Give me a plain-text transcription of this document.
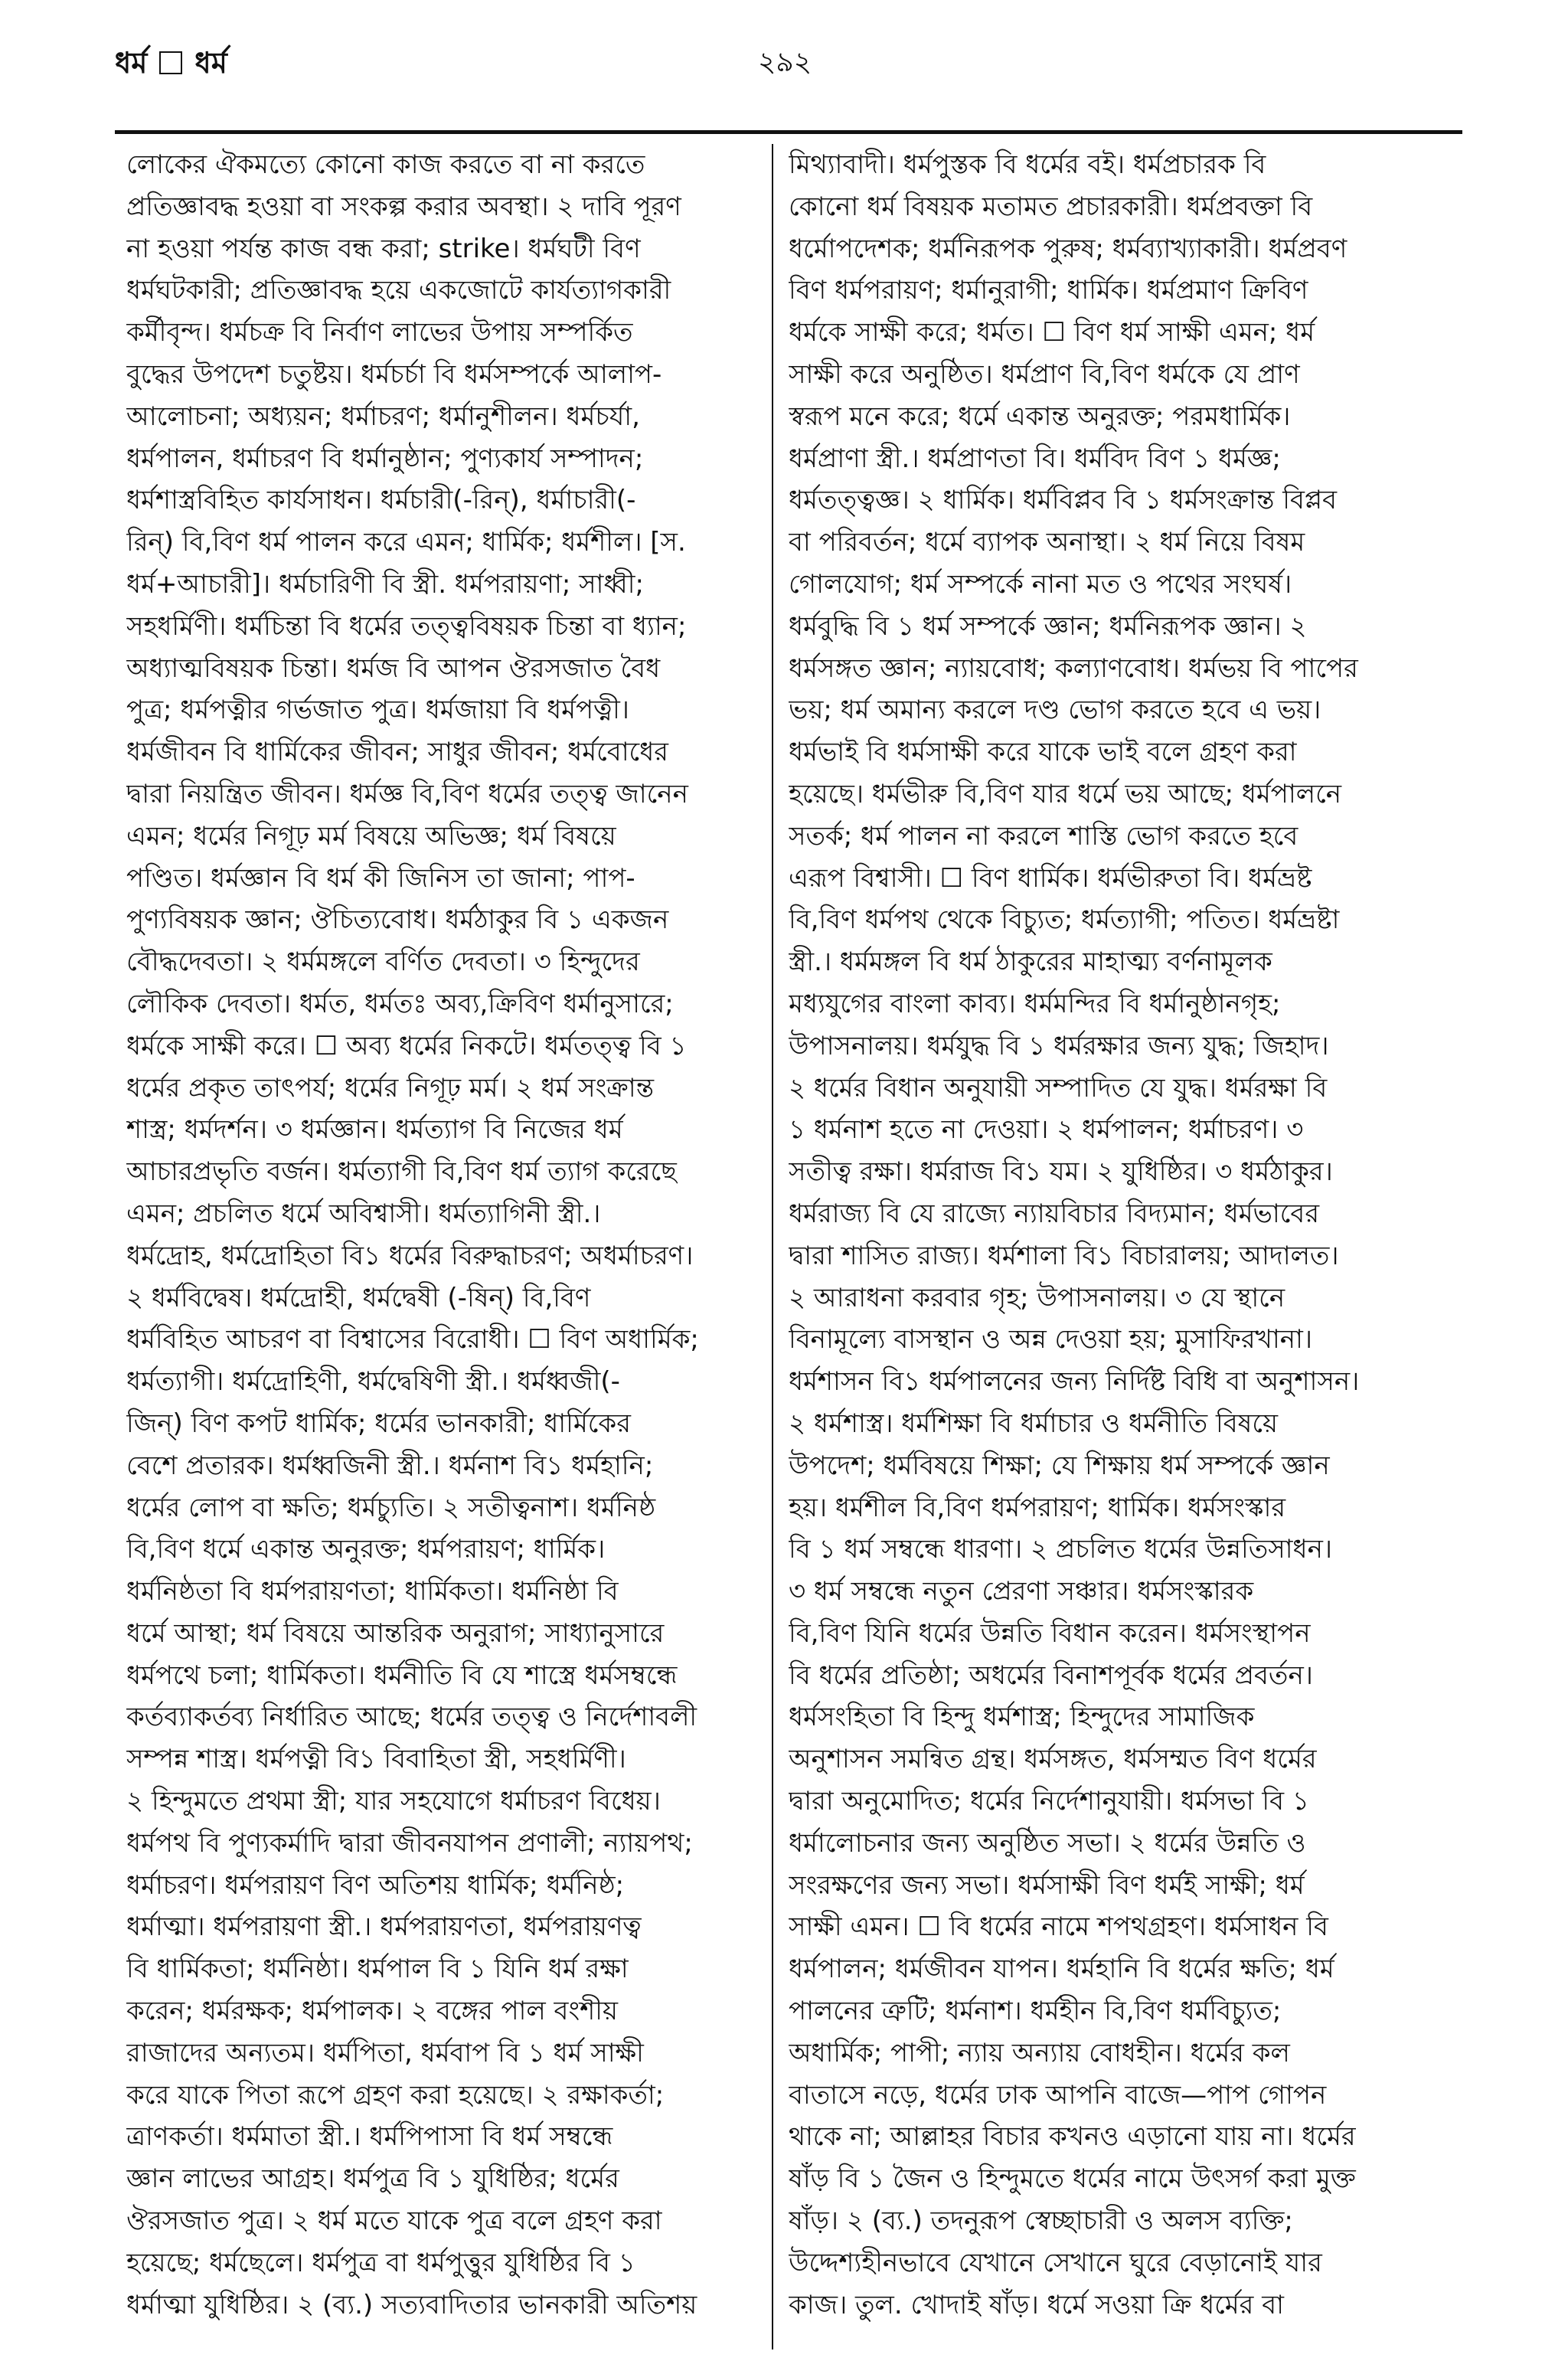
ধর্ম ধর্ম	২৯২
লোকের ঐকমত্যে কোনো কাজ করতে বা না করতে
প্রতিজ্ঞাবদ্ধ হওয়া বা সংকল্প করার অবস্থা। ২ দাবি পূরণ
না হওয়া পর্যন্ত কাজ বন্ধ করা; strike। ধর্মঘটী বিণ
ধর্মঘটকারী; প্রতিজ্ঞাবদ্ধ হয়ে একজোটে কার্যত্যাগকারী
কর্মীবৃন্দ। ধর্মচক্র বি নির্বাণ লাভের উপায় সম্পর্কিত
বুদ্ধের উপদেশ চতুষ্টয়। ধর্মচর্চা বি ধর্মসম্পর্কে আলাপ-
আলোচনা; অধ্যয়ন; ধর্মাচরণ; ধর্মানুশীলন। ধর্মচর্যা,
ধর্মপালন, ধর্মাচরণ বি ধর্মানুষ্ঠান; পুণ্যকার্য সম্পাদন;
ধর্মশাস্ত্রবিহিত কার্যসাধন। ধর্মচারী(-রিন্), ধর্মাচারী(-
রিন্) বি,বিণ ধর্ম পালন করে এমন; ধার্মিক; ধর্মশীল। [স.
ধর্ম+আচারী]। ধর্মচারিণী বি স্ত্রী. ধর্মপরায়ণা; সাধ্বী;
সহধর্মিণী। ধর্মচিন্তা বি ধর্মের তত্ত্ববিষয়ক চিন্তা বা ধ্যান;
অধ্যাত্মবিষয়ক চিন্তা। ধর্মজ বি আপন ঔরসজাত বৈধ
পুত্র; ধর্মপত্নীর গর্ভজাত পুত্র। ধর্মজায়া বি ধর্মপত্নী।
ধর্মজীবন বি ধার্মিকের জীবন; সাধুর জীবন; ধর্মবোধের
দ্বারা নিয়ন্ত্রিত জীবন। ধর্মজ্ঞ বি,বিণ ধর্মের তত্ত্ব জানেন
এমন; ধর্মের নিগূঢ় মর্ম বিষয়ে অভিজ্ঞ; ধর্ম বিষয়ে
পণ্ডিত। ধর্মজ্ঞান বি ধর্ম কী জিনিস তা জানা; পাপ-
পুণ্যবিষয়ক জ্ঞান; ঔচিত্যবোধ। ধর্মঠাকুর বি ১ একজন
বৌদ্ধদেবতা। ২ ধর্মমঙ্গলে বর্ণিত দেবতা। ৩ হিন্দুদের
লৌকিক দেবতা। ধর্মত, ধর্মতঃ অব্য,ক্রিবিণ ধর্মানুসারে;
ধর্মকে সাক্ষী করে। ☐ অব্য ধর্মের নিকটে। ধর্মতত্ত্ব বি ১
ধর্মের প্রকৃত তাৎপর্য; ধর্মের নিগূঢ় মর্ম। ২ ধর্ম সংক্রান্ত
শাস্ত্র; ধর্মদর্শন। ৩ ধর্মজ্ঞান। ধর্মত্যাগ বি নিজের ধর্ম
আচারপ্রভৃতি বর্জন। ধর্মত্যাগী বি,বিণ ধর্ম ত্যাগ করেছে
এমন; প্রচলিত ধর্মে অবিশ্বাসী। ধর্মত্যাগিনী স্ত্রী.।
ধর্মদ্রোহ, ধর্মদ্রোহিতা বি১ ধর্মের বিরুদ্ধাচরণ; অধর্মাচরণ।
২ ধর্মবিদ্বেষ। ধর্মদ্রোহী, ধর্মদ্বেষী (-ষিন্) বি,বিণ
ধর্মবিহিত আচরণ বা বিশ্বাসের বিরোধী। ☐ বিণ অধার্মিক;
ধর্মত্যাগী। ধর্মদ্রোহিণী, ধর্মদ্বেষিণী স্ত্রী.। ধর্মধ্বজী(-
জিন্) বিণ কপট ধার্মিক; ধর্মের ভানকারী; ধার্মিকের
বেশে প্রতারক। ধর্মধ্বজিনী স্ত্রী.। ধর্মনাশ বি১ ধর্মহানি;
ধর্মের লোপ বা ক্ষতি; ধর্মচ্যুতি। ২ সতীত্বনাশ। ধর্মনিষ্ঠ
বি,বিণ ধর্মে একান্ত অনুরক্ত; ধর্মপরায়ণ; ধার্মিক।
ধর্মনিষ্ঠতা বি ধর্মপরায়ণতা; ধার্মিকতা। ধর্মনিষ্ঠা বি
ধর্মে আস্থা; ধর্ম বিষয়ে আন্তরিক অনুরাগ; সাধ্যানুসারে
ধর্মপথে চলা; ধার্মিকতা। ধর্মনীতি বি যে শাস্ত্রে ধর্মসম্বন্ধে
কর্তব্যাকর্তব্য নির্ধারিত আছে; ধর্মের তত্ত্ব ও নির্দেশাবলী
সম্পন্ন শাস্ত্র। ধর্মপত্নী বি১ বিবাহিতা স্ত্রী, সহধর্মিণী।
২ হিন্দুমতে প্রথমা স্ত্রী; যার সহযোগে ধর্মাচরণ বিধেয়।
ধর্মপথ বি পুণ্যকর্মাদি দ্বারা জীবনযাপন প্রণালী; ন্যায়পথ;
ধর্মাচরণ। ধর্মপরায়ণ বিণ অতিশয় ধার্মিক; ধর্মনিষ্ঠ;
ধর্মাত্মা। ধর্মপরায়ণা স্ত্রী.। ধর্মপরায়ণতা, ধর্মপরায়ণত্ব
বি ধার্মিকতা; ধর্মনিষ্ঠা। ধর্মপাল বি ১ যিনি ধর্ম রক্ষা
করেন; ধর্মরক্ষক; ধর্মপালক। ২ বঙ্গের পাল বংশীয়
রাজাদের অন্যতম। ধর্মপিতা, ধর্মবাপ বি ১ ধর্ম সাক্ষী
করে যাকে পিতা রূপে গ্রহণ করা হয়েছে। ২ রক্ষাকর্তা;
ত্রাণকর্তা। ধর্মমাতা স্ত্রী.। ধর্মপিপাসা বি ধর্ম সম্বন্ধে
জ্ঞান লাভের আগ্রহ। ধর্মপুত্র বি ১ যুধিষ্ঠির; ধর্মের
ঔরসজাত পুত্র। ২ ধর্ম মতে যাকে পুত্র বলে গ্রহণ করা
হয়েছে; ধর্মছেলে। ধর্মপুত্র বা ধর্মপুত্তুর যুধিষ্ঠির বি ১
ধর্মাত্মা যুধিষ্ঠির। ২ (ব্য.) সত্যবাদিতার ভানকারী অতিশয়
মিথ্যাবাদী। ধর্মপুস্তক বি ধর্মের বই। ধর্মপ্রচারক বি
কোনো ধর্ম বিষয়ক মতামত প্রচারকারী। ধর্মপ্রবক্তা বি
ধর্মোপদেশক; ধর্মনিরূপক পুরুষ; ধর্মব্যাখ্যাকারী। ধর্মপ্রবণ
বিণ ধর্মপরায়ণ; ধর্মানুরাগী; ধার্মিক। ধর্মপ্রমাণ ক্রিবিণ
ধর্মকে সাক্ষী করে; ধর্মত। ☐ বিণ ধর্ম সাক্ষী এমন; ধর্ম
সাক্ষী করে অনুষ্ঠিত। ধর্মপ্রাণ বি,বিণ ধর্মকে যে প্রাণ
স্বরূপ মনে করে; ধর্মে একান্ত অনুরক্ত; পরমধার্মিক।
ধর্মপ্রাণা স্ত্রী.। ধর্মপ্রাণতা বি। ধর্মবিদ বিণ ১ ধর্মজ্ঞ;
ধর্মতত্ত্বজ্ঞ। ২ ধার্মিক। ধর্মবিপ্লব বি ১ ধর্মসংক্রান্ত বিপ্লব
বা পরিবর্তন; ধর্মে ব্যাপক অনাস্থা। ২ ধর্ম নিয়ে বিষম
গোলযোগ; ধর্ম সম্পর্কে নানা মত ও পথের সংঘর্ষ।
ধর্মবুদ্ধি বি ১ ধর্ম সম্পর্কে জ্ঞান; ধর্মনিরূপক জ্ঞান। ২
ধর্মসঙ্গত জ্ঞান; ন্যায়বোধ; কল্যাণবোধ। ধর্মভয় বি পাপের
ভয়; ধর্ম অমান্য করলে দণ্ড ভোগ করতে হবে এ ভয়।
ধর্মভাই বি ধর্মসাক্ষী করে যাকে ভাই বলে গ্রহণ করা
হয়েছে। ধর্মভীরু বি,বিণ যার ধর্মে ভয় আছে; ধর্মপালনে
সতর্ক; ধর্ম পালন না করলে শাস্তি ভোগ করতে হবে
এরূপ বিশ্বাসী। ☐ বিণ ধার্মিক। ধর্মভীরুতা বি। ধর্মভ্রষ্ট
বি,বিণ ধর্মপথ থেকে বিচ্যুত; ধর্মত্যাগী; পতিত। ধর্মভ্রষ্টা
স্ত্রী.। ধর্মমঙ্গল বি ধর্ম ঠাকুরের মাহাত্ম্য বর্ণনামূলক
মধ্যযুগের বাংলা কাব্য। ধর্মমন্দির বি ধর্মানুষ্ঠানগৃহ;
উপাসনালয়। ধর্মযুদ্ধ বি ১ ধর্মরক্ষার জন্য যুদ্ধ; জিহাদ।
২ ধর্মের বিধান অনুযায়ী সম্পাদিত যে যুদ্ধ। ধর্মরক্ষা বি
১ ধর্মনাশ হতে না দেওয়া। ২ ধর্মপালন; ধর্মাচরণ। ৩
সতীত্ব রক্ষা। ধর্মরাজ বি১ যম। ২ যুধিষ্ঠির। ৩ ধর্মঠাকুর।
ধর্মরাজ্য বি যে রাজ্যে ন্যায়বিচার বিদ্যমান; ধর্মভাবের
দ্বারা শাসিত রাজ্য। ধর্মশালা বি১ বিচারালয়; আদালত।
২ আরাধনা করবার গৃহ; উপাসনালয়। ৩ যে স্থানে
বিনামূল্যে বাসস্থান ও অন্ন দেওয়া হয়; মুসাফিরখানা।
ধর্মশাসন বি১ ধর্মপালনের জন্য নির্দিষ্ট বিধি বা অনুশাসন।
২ ধর্মশাস্ত্র। ধর্মশিক্ষা বি ধর্মাচার ও ধর্মনীতি বিষয়ে
উপদেশ; ধর্মবিষয়ে শিক্ষা; যে শিক্ষায় ধর্ম সম্পর্কে জ্ঞান
হয়। ধর্মশীল বি,বিণ ধর্মপরায়ণ; ধার্মিক। ধর্মসংস্কার
বি ১ ধর্ম সম্বন্ধে ধারণা। ২ প্রচলিত ধর্মের উন্নতিসাধন।
৩ ধর্ম সম্বন্ধে নতুন প্রেরণা সঞ্চার। ধর্মসংস্কারক
বি,বিণ যিনি ধর্মের উন্নতি বিধান করেন। ধর্মসংস্থাপন
বি ধর্মের প্রতিষ্ঠা; অধর্মের বিনাশপূর্বক ধর্মের প্রবর্তন।
ধর্মসংহিতা বি হিন্দু ধর্মশাস্ত্র; হিন্দুদের সামাজিক
অনুশাসন সমন্বিত গ্রন্থ। ধর্মসঙ্গত, ধর্মসম্মত বিণ ধর্মের
দ্বারা অনুমোদিত; ধর্মের নির্দেশানুযায়ী। ধর্মসভা বি ১
ধর্মালোচনার জন্য অনুষ্ঠিত সভা। ২ ধর্মের উন্নতি ও
সংরক্ষণের জন্য সভা। ধর্মসাক্ষী বিণ ধর্মই সাক্ষী; ধর্ম
সাক্ষী এমন। ☐ বি ধর্মের নামে শপথগ্রহণ। ধর্মসাধন বি
ধর্মপালন; ধর্মজীবন যাপন। ধর্মহানি বি ধর্মের ক্ষতি; ধর্ম
পালনের ত্রুটি; ধর্মনাশ। ধর্মহীন বি,বিণ ধর্মবিচ্যুত;
অধার্মিক; পাপী; ন্যায় অন্যায় বোধহীন। ধর্মের কল
বাতাসে নড়ে, ধর্মের ঢাক আপনি বাজে—পাপ গোপন
থাকে না; আল্লাহর বিচার কখনও এড়ানো যায় না। ধর্মের
ষাঁড় বি ১ জৈন ও হিন্দুমতে ধর্মের নামে উৎসর্গ করা মুক্ত
ষাঁড়। ২ (ব্য.) তদনুরূপ স্বেচ্ছাচারী ও অলস ব্যক্তি;
উদ্দেশ্যহীনভাবে যেখানে সেখানে ঘুরে বেড়ানোই যার
কাজ। তুল. খোদাই ষাঁড়। ধর্মে সওয়া ক্রি ধর্মের বা
